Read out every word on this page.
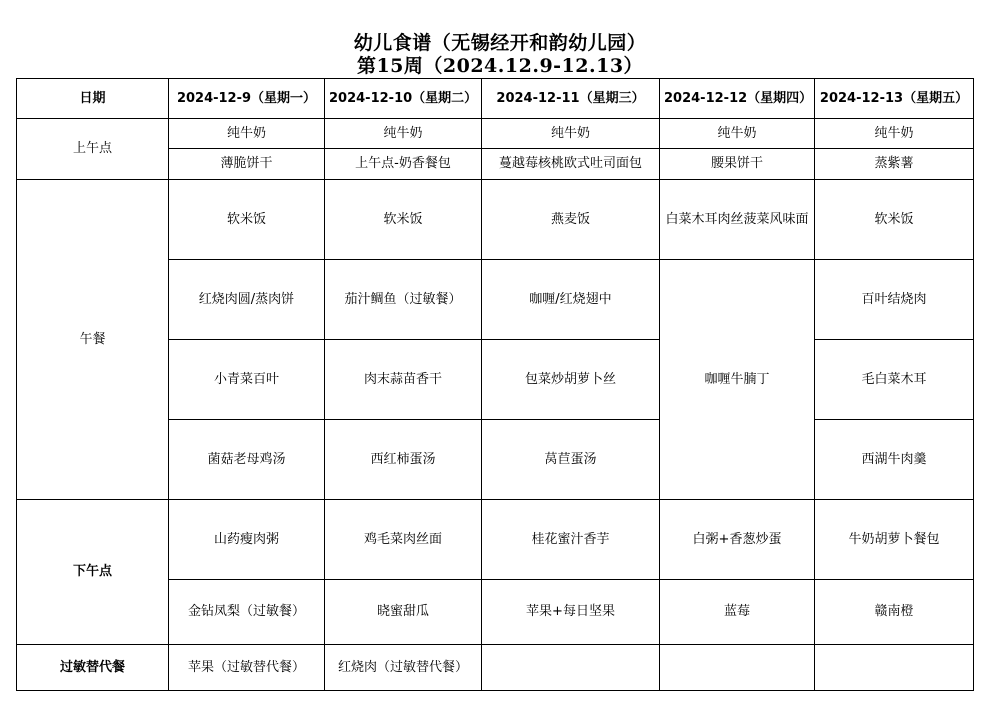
幼儿食谱（无锡经开和韵幼儿园）
第15周（2024.12.9-12.13）
日期	2024-12-9（星期一）	2024-12-10（星期二）	2024-12-11（星期三）	2024-12-12（星期四）	2024-12-13（星期五）
上午点	纯牛奶	纯牛奶	纯牛奶	纯牛奶	纯牛奶
	薄脆饼干	上午点-奶香餐包	蔓越莓核桃欧式吐司面包	腰果饼干	蒸紫薯
午餐	软米饭	软米饭	燕麦饭	白菜木耳肉丝菠菜风味面	软米饭
	红烧肉圆/蒸肉饼	茄汁鲷鱼（过敏餐）	咖喱/红烧翅中	咖喱牛腩丁	百叶结烧肉
	小青菜百叶	肉末蒜苗香干	包菜炒胡萝卜丝		毛白菜木耳
	菌菇老母鸡汤	西红柿蛋汤	莴苣蛋汤		西湖牛肉羹
下午点	山药瘦肉粥	鸡毛菜肉丝面	桂花蜜汁香芋	白粥+香葱炒蛋	牛奶胡萝卜餐包
	金钻凤梨（过敏餐）	晓蜜甜瓜	苹果+每日坚果	蓝莓	赣南橙
过敏替代餐	苹果（过敏替代餐）	红烧肉（过敏替代餐）			
